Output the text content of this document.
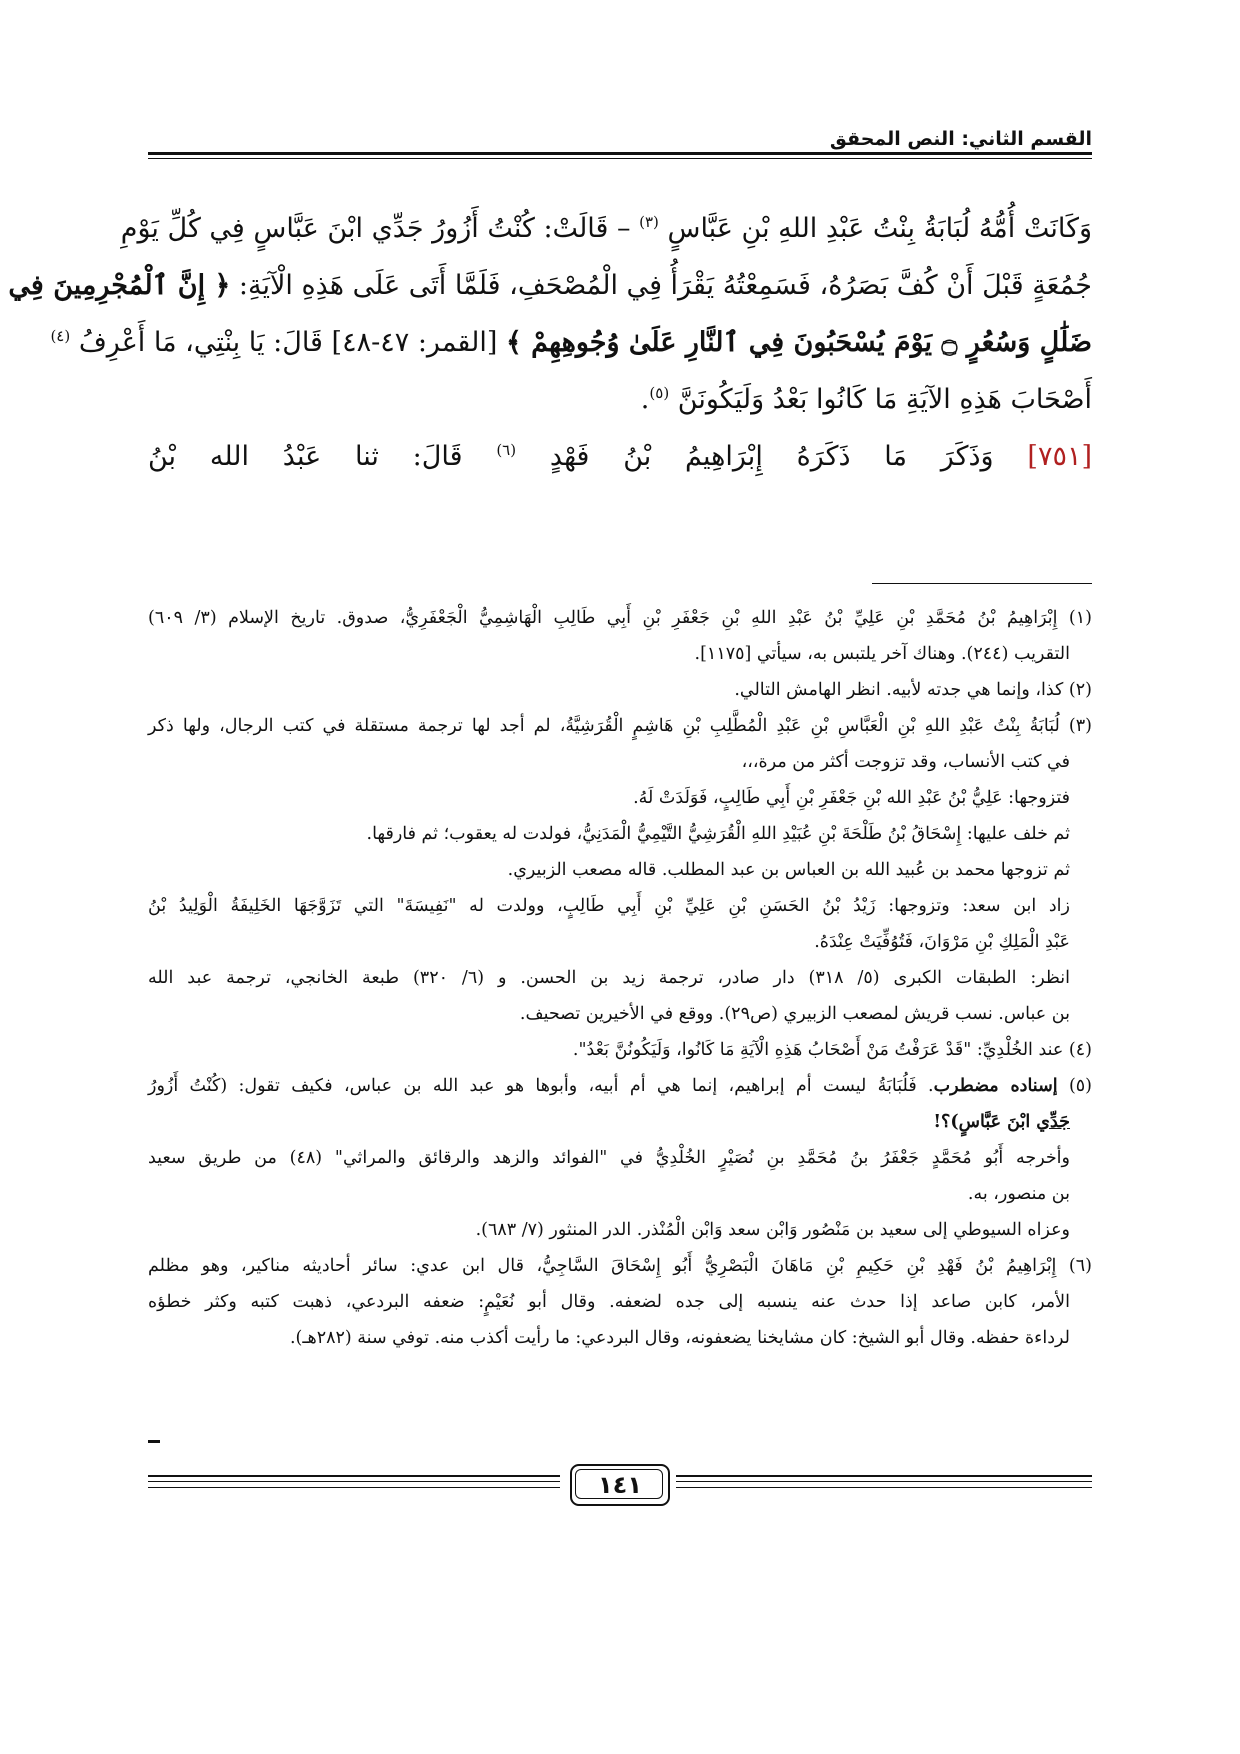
القسم الثاني: النص المحقق
وَكَانَتْ أُمُّهُ لُبَابَةُ بِنْتُ عَبْدِ اللهِ بْنِ عَبَّاسٍ $^{(٣)}$ – قَالَتْ: كُنْتُ أَزُورُ جَدِّي ابْنَ عَبَّاسٍ فِي كُلِّ يَوْمِ
جُمُعَةٍ قَبْلَ أَنْ كُفَّ بَصَرُهُ، فَسَمِعْتُهُ يَقْرَأُ فِي الْمُصْحَفِ، فَلَمَّا أَتَى عَلَى هَذِهِ الْآيَةِ: ﴿ إِنَّ ٱلْمُجْرِمِينَ فِي
ضَلَٰلٍ وَسُعُرٍ ۝ يَوْمَ يُسْحَبُونَ فِي ٱلنَّارِ عَلَىٰ وُجُوهِهِمْ ﴾ [القمر: ٤٧-٤٨] قَالَ: يَا بِنْتِي، مَا أَعْرِفُ $^{(٤)}$
أَصْحَابَ هَذِهِ الآيَةِ مَا كَانُوا بَعْدُ وَلَيَكُونَنَّ $^{(٥)}$.
[٧٥١] وَذَكَرَ مَا ذَكَرَهُ إِبْرَاهِيمُ بْنُ فَهْدٍ $^{(٦)}$ قَالَ: ثنا عَبْدُ الله بْنُ
(١) إِبْرَاهِيمُ بْنُ مُحَمَّدِ بْنِ عَلِيِّ بْنُ عَبْدِ اللهِ بْنِ جَعْفَرِ بْنِ أَبِي طَالِبِ الْهَاشِمِيُّ الْجَعْفَرِيُّ، صدوق. تاريخ الإسلام (٣/ ٦٠٩)
التقريب (٢٤٤). وهناك آخر يلتبس به، سيأتي [١١٧٥].
(٢) كذا، وإنما هي جدته لأبيه. انظر الهامش التالي.
(٣) لُبَابَةُ بِنْتُ عَبْدِ اللهِ بْنِ الْعَبَّاسِ بْنِ عَبْدِ الْمُطَّلِبِ بْنِ هَاشِمٍ الْقُرَشِيَّةُ، لم أجد لها ترجمة مستقلة في كتب الرجال، ولها ذكر
في كتب الأنساب، وقد تزوجت أكثر من مرة،،،
فتزوجها: عَلِيُّ بْنُ عَبْدِ الله بْنِ جَعْفَرِ بْنِ أَبِي طَالِبٍ، فَوَلَدَتْ لَهُ.
ثم خلف عليها: إِسْحَاقُ بْنُ طَلْحَةَ بْنِ عُبَيْدِ اللهِ الْقُرَشِيُّ التَّيْمِيُّ الْمَدَنِيُّ، فولدت له يعقوب؛ ثم فارقها.
ثم تزوجها محمد بن عُبيد الله بن العباس بن عبد المطلب. قاله مصعب الزبيري.
زاد ابن سعد: وتزوجها: زَيْدُ بْنُ الحَسَنِ بْنِ عَلِيِّ بْنِ أَبِي طَالِبٍ، وولدت له "نَفِيسَةَ" التي تَزَوَّجَهَا الخَلِيفَةُ الْوَلِيدُ بْنُ
عَبْدِ الْمَلِكِ بْنِ مَرْوَانَ، فَتُوُفِّيَتْ عِنْدَهُ.
انظر: الطبقات الكبرى (٥/ ٣١٨) دار صادر، ترجمة زيد بن الحسن. و (٦/ ٣٢٠) طبعة الخانجي، ترجمة عبد الله
بن عباس. نسب قريش لمصعب الزبيري (ص٢٩). ووقع في الأخيرين تصحيف.
(٤) عند الخُلْدِيِّ: "قَدْ عَرَفْتُ مَنْ أَصْحَابُ هَذِهِ الْآيَةِ مَا كَانُوا، وَلَيَكُونُنَّ بَعْدُ".
(٥) إسناده مضطرب. فَلُبَابَةُ ليست أم إبراهيم، إنما هي أم أبيه، وأبوها هو عبد الله بن عباس، فكيف تقول: (كُنْتُ أَزُورُ
جَدِّي ابْنَ عَبَّاسٍ)؟!
وأخرجه أَبُو مُحَمَّدٍ جَعْفَرُ بنُ مُحَمَّدِ بنِ نُصَيْرٍ الخُلْدِيُّ في "الفوائد والزهد والرقائق والمراثي" (٤٨) من طريق سعيد
بن منصور، به.
وعزاه السيوطي إلى سعيد بن مَنْصُور وَابْن سعد وَابْن الْمُنْذر. الدر المنثور (٧/ ٦٨٣).
(٦) إِبْرَاهِيمُ بْنُ فَهْدِ بْنِ حَكِيمِ بْنِ مَاهَانَ الْبَصْرِيُّ أَبُو إِسْحَاقَ السَّاجِيُّ، قال ابن عدي: سائر أحاديثه مناكير، وهو مظلم
الأمر، كابن صاعد إذا حدث عنه ينسبه إلى جده لضعفه. وقال أبو نُعَيْمٍ: ضعفه البردعي، ذهبت كتبه وكثر خطؤه
لرداءة حفظه. وقال أبو الشيخ: كان مشايخنا يضعفونه، وقال البردعي: ما رأيت أكذب منه. توفي سنة (٢٨٢هـ).
١٤١
